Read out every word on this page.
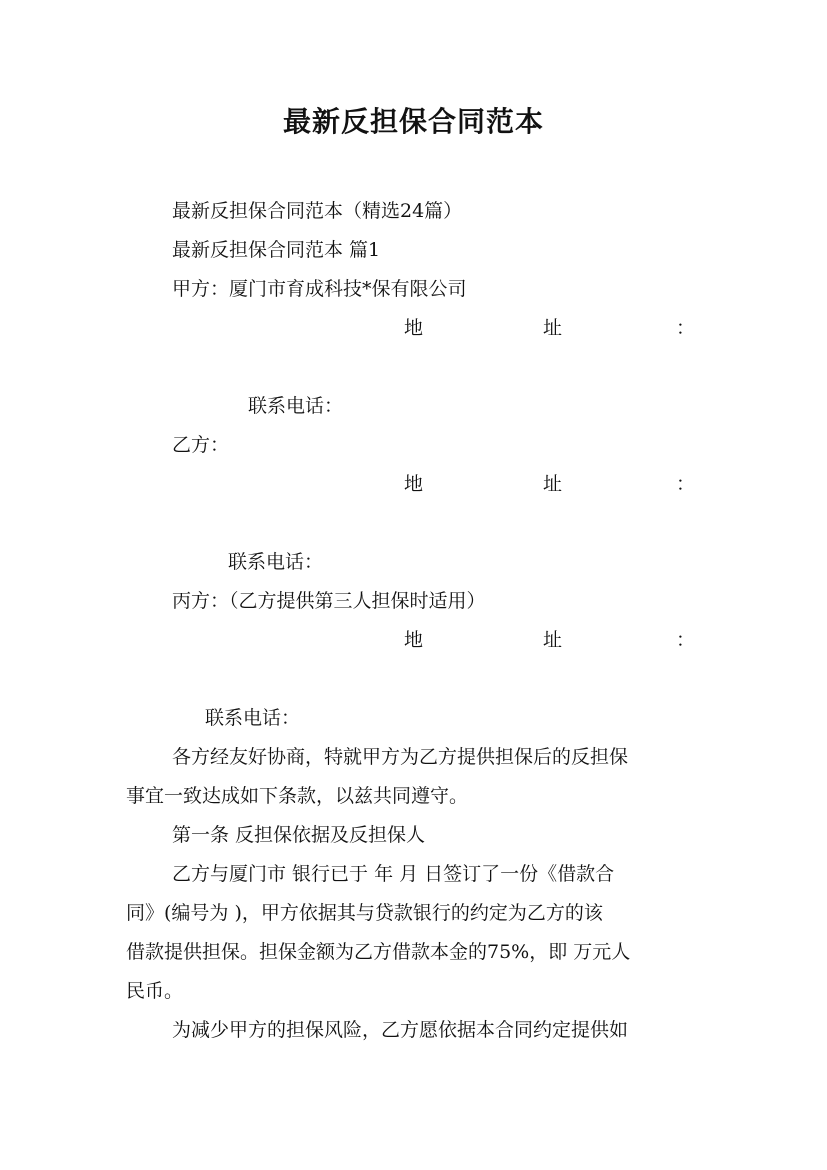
最新反担保合同范本
最新反担保合同范本（精选24篇）
最新反担保合同范本 篇1
甲方：厦门市育成科技*保有限公司
地	址	：
联系电话：
乙方：
地	址	：
联系电话：
丙方：（乙方提供第三人担保时适用）
地	址	：
联系电话：
各方经友好协商，特就甲方为乙方提供担保后的反担保
事宜一致达成如下条款，以兹共同遵守。
第一条 反担保依据及反担保人
乙方与厦门市 银行已于 年 月 日签订了一份《借款合
同》(编号为 )，甲方依据其与贷款银行的约定为乙方的该
借款提供担保。担保金额为乙方借款本金的75%，即 万元人
民币。
为减少甲方的担保风险，乙方愿依据本合同约定提供如
